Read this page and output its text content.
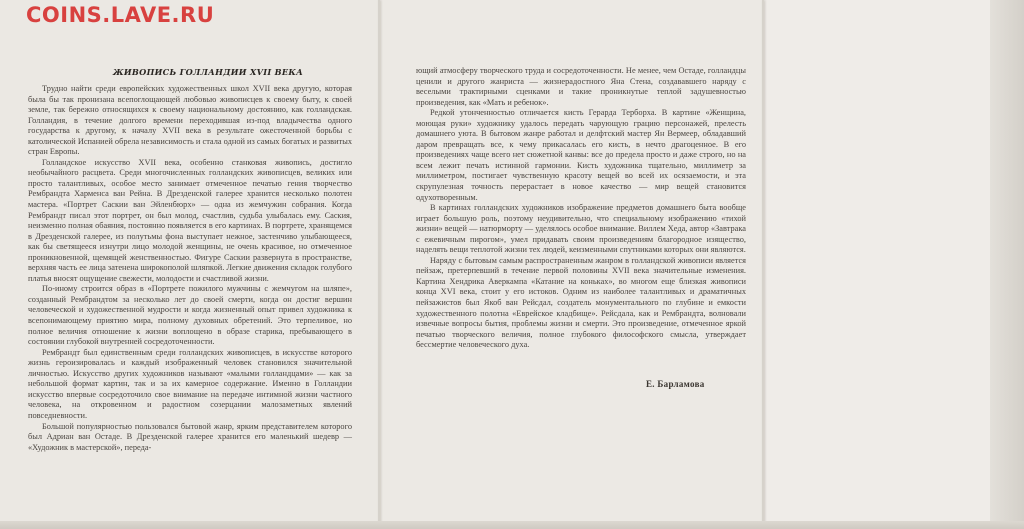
COINS.LAVE.RU
ЖИВОПИСЬ ГОЛЛАНДИИ XVII ВЕКА

Трудно найти среди европейских художественных школ XVII века другую, которая была бы так пронизана всепоглощающей любовью живописцев к своему быту, к своей земле, так бережно относящихся к своему национальному достоянию, как голландская. Голландия, в течение долгого времени переходившая из-под владычества одного государства к другому, к началу XVII века в результате ожесточенной борьбы с католической Испанией обрела независимость и стала одной из самых богатых и развитых стран Европы.

Голландское искусство XVII века, особенно станковая живопись, достигло необычайного расцвета. Среди многочисленных голландских живописцев, великих или просто талантливых, особое место занимает отмеченное печатью гения творчество Рембрандта Харменса ван Рейна. В Дрезденской галерее хранится несколько полотен мастера. «Портрет Саскии ван Эйленбюрх» — одна из жемчужин собрания. Когда Рембрандт писал этот портрет, он был молод, счастлив, судьба улыбалась ему. Саския, неизменно полная обаяния, постоянно появляется в его картинах. В портрете, хранящемся в Дрезденской галерее, из полутьмы фона выступает нежное, застенчиво улыбающееся, как бы светящееся изнутри лицо молодой женщины, не очень красивое, но отмеченное проникновенной, щемящей женственностью. Фигуре Саскии развернута в пространстве, верхняя часть ее лица затенена широкополой шляпкой. Легкие движения складок голубого платья вносят ощущение свежести, молодости и счастливой жизни.

По-иному строится образ в «Портрете пожилого мужчины с жемчугом на шляпе», созданный Рембрандтом за несколько лет до своей смерти, когда он достиг вершин человеческой и художественной мудрости и когда жизненный опыт привел художника к всепонимающему приятию мира, полному духовных обретений. Это терпеливое, но полное величия отношение к жизни воплощено в образе старика, пребывающего в состоянии глубокой внутренней сосредоточенности.

Рембрандт был единственным среди голландских живописцев, в искусстве которого жизнь героизировалась и каждый изображенный человек становился значительной личностью. Искусство других художников называют «малыми голландцами» — как за небольшой формат картин, так и за их камерное содержание. Именно в Голландии искусство впервые сосредоточило свое внимание на передаче интимной жизни частного человека, на откровенном и радостном созерцании малозаметных явлений повседневности.

Большой популярностью пользовался бытовой жанр, ярким представителем которого был Адриан ван Остаде. В Дрезденской галерее хранится его маленький шедевр — «Художник в мастерской», переда-

ющий атмосферу творческого труда и сосредоточенности. Не менее, чем Остаде, голландцы ценили и другого жанриста — жизнерадостного Яна Стена, создававшего наряду с веселыми трактирными сценками и такие проникнутые теплой задушевностью произведения, как «Мать и ребенок».

Редкой утонченностью отличается кисть Герарда Терборха. В картине «Женщина, моющая руки» художнику удалось передать чарующую грацию персонажей, прелесть домашнего уюта. В бытовом жанре работал и делфтский мастер Ян Вермеер, обладавший даром превращать все, к чему прикасалась его кисть, в нечто драгоценное. В его произведениях чаще всего нет сюжетной канвы: все до предела просто и даже строго, но на всем лежит печать истинной гармонии. Кисть художника тщательно, миллиметр за миллиметром, постигает чувственную красоту вещей во всей их осязаемости, и эта скрупулезная точность перерастает в новое качество — мир вещей становится одухотворенным.

В картинах голландских художников изображение предметов домашнего быта вообще играет большую роль, поэтому неудивительно, что специальному изображению «тихой жизни» вещей — натюрморту — уделялось особое внимание. Виллем Хеда, автор «Завтрака с ежевичным пирогом», умел придавать своим произведениям благородное изящество, наделять вещи теплотой жизни тех людей, кеизменными спутниками которых они являются.

Наряду с бытовым самым распространенным жанром в голландской живописи является пейзаж, претерпевший в течение первой половины XVII века значительные изменения. Картина Хендрика Аверкампа «Катание на коньках», во многом еще близкая живописи конца XVI века, стоит у его истоков. Одним из наиболее талантливых и драматичных пейзажистов был Якоб ван Рейсдал, создатель монументального по глубине и емкости художественного полотна «Еврейское кладбище». Рейсдала, как и Рембрандта, волновали извечные вопросы бытия, проблемы жизни и смерти. Это произведение, отмеченное яркой печатью творческого величия, полное глубокого философского смысла, утверждает бессмертие человеческого духа.

Е. Барламова
